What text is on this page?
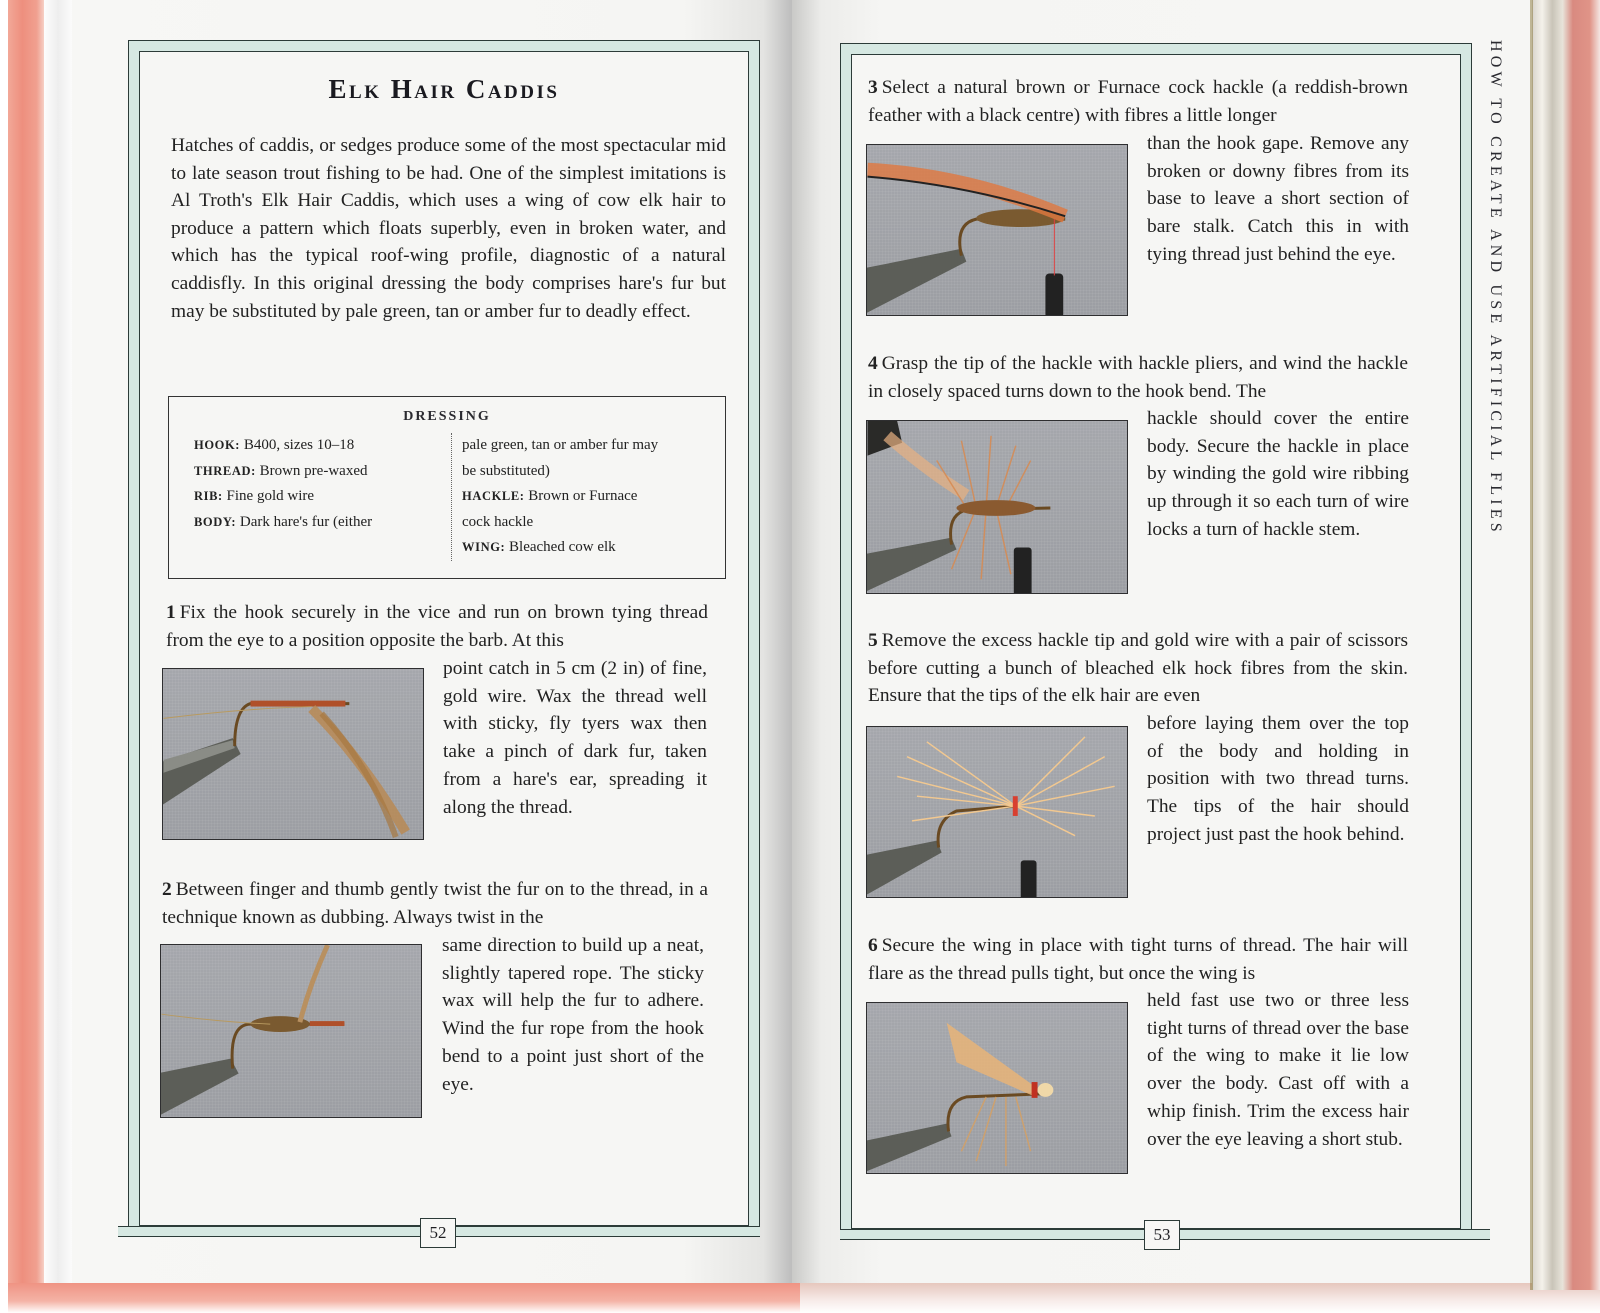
52
Elk Hair Caddis

Hatches of caddis, or sedges produce some of the most spectacular mid to late season trout fishing to be had. One of the simplest imitations is Al Troth's Elk Hair Caddis, which uses a wing of cow elk hair to produce a pattern which floats superbly, even in broken water, and which has the typical roof-wing profile, diagnostic of a natural caddisfly. In this original dressing the body comprises hare's fur but may be substituted by pale green, tan or amber fur to deadly effect.

DRESSING
HOOK: B400, sizes 10–18
THREAD: Brown pre-waxed
RIB: Fine gold wire
BODY: Dark hare's fur (either
pale green, tan or amber fur may
be substituted)
HACKLE: Brown or Furnace
cock hackle
WING: Bleached cow elk
1 Fix the hook securely in the vice and run on brown tying thread from the eye to a position opposite the barb. At this
point catch in 5 cm (2 in) of fine, gold wire. Wax the thread well with sticky, fly tyers wax then take a pinch of dark fur, taken from a hare's ear, spreading it along the thread.
2 Between finger and thumb gently twist the fur on to the thread, in a technique known as dubbing. Always twist in the
same direction to build up a neat, slightly tapered rope. The sticky wax will help the fur to adhere. Wind the fur rope from the hook bend to a point just short of the eye.
53
HOW TO CREATE AND USE ARTIFICIAL FLIES
3 Select a natural brown or Furnace cock hackle (a reddish-brown feather with a black centre) with fibres a little longer
than the hook gape. Remove any broken or downy fibres from its base to leave a short section of bare stalk. Catch this in with tying thread just behind the eye.
4 Grasp the tip of the hackle with hackle pliers, and wind the hackle in closely spaced turns down to the hook bend. The
hackle should cover the entire body. Secure the hackle in place by winding the gold wire ribbing up through it so each turn of wire locks a turn of hackle stem.
5 Remove the excess hackle tip and gold wire with a pair of scissors before cutting a bunch of bleached elk hock fibres from the skin. Ensure that the tips of the elk hair are even
before laying them over the top of the body and holding in position with two thread turns. The tips of the hair should project just past the hook behind.
6 Secure the wing in place with tight turns of thread. The hair will flare as the thread pulls tight, but once the wing is
held fast use two or three less tight turns of thread over the base of the wing to make it lie low over the body. Cast off with a whip finish. Trim the excess hair over the eye leaving a short stub.
